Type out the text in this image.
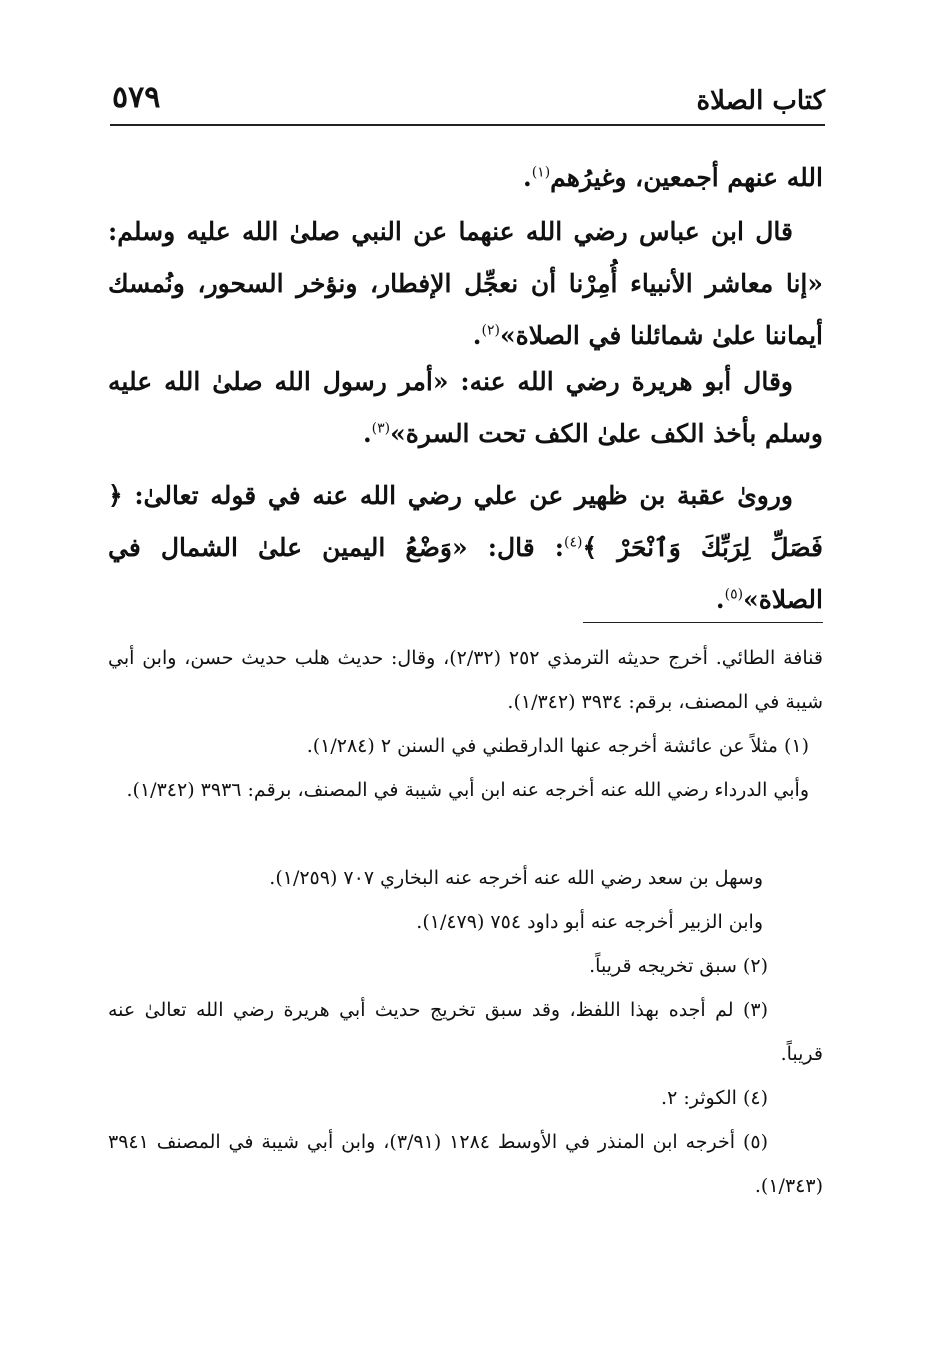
كتاب الصلاة
٥٧٩
الله عنهم أجمعين، وغيرُهم$^{(١)}$.
قال ابن عباس رضي الله عنهما عن النبي صلىٰ الله عليه وسلم: «إنا معاشر الأنبياء أُمِرْنا أن نعجِّل الإفطار، ونؤخر السحور، ونُمسك أيماننا علىٰ شمائلنا في الصلاة»$^{(٢)}$.
وقال أبو هريرة رضي الله عنه: «أمر رسول الله صلىٰ الله عليه وسلم بأخذ الكف علىٰ الكف تحت السرة»$^{(٣)}$.
ورویٰ عقبة بن ظهير عن علي رضي الله عنه في قوله تعالىٰ: ﴿ فَصَلِّ لِرَبِّكَ وَٱنْحَرْ ﴾$^{(٤)}$: قال: «وَضْعُ اليمين علىٰ الشمال في الصلاة»$^{(٥)}$.
قنافة الطائي. أخرج حديثه الترمذي ٢٥٢ (٢/٣٢)، وقال: حديث هلب حديث حسن، وابن أبي شيبة في المصنف، برقم: ٣٩٣٤ (١/٣٤٢).
(١) مثلاً عن عائشة أخرجه عنها الدارقطني في السنن ٢ (١/٢٨٤).
وأبي الدرداء رضي الله عنه أخرجه عنه ابن أبي شيبة في المصنف، برقم: ٣٩٣٦ (١/٣٤٢).
وسهل بن سعد رضي الله عنه أخرجه عنه البخاري ٧٠٧ (١/٢٥٩).
وابن الزبير أخرجه عنه أبو داود ٧٥٤ (١/٤٧٩).
(٢) سبق تخريجه قريباً.
(٣) لم أجده بهذا اللفظ، وقد سبق تخريج حديث أبي هريرة رضي الله تعالىٰ عنه قريباً.
(٤) الكوثر: ٢.
(٥) أخرجه ابن المنذر في الأوسط ١٢٨٤ (٣/٩١)، وابن أبي شيبة في المصنف ٣٩٤١ (١/٣٤٣).
